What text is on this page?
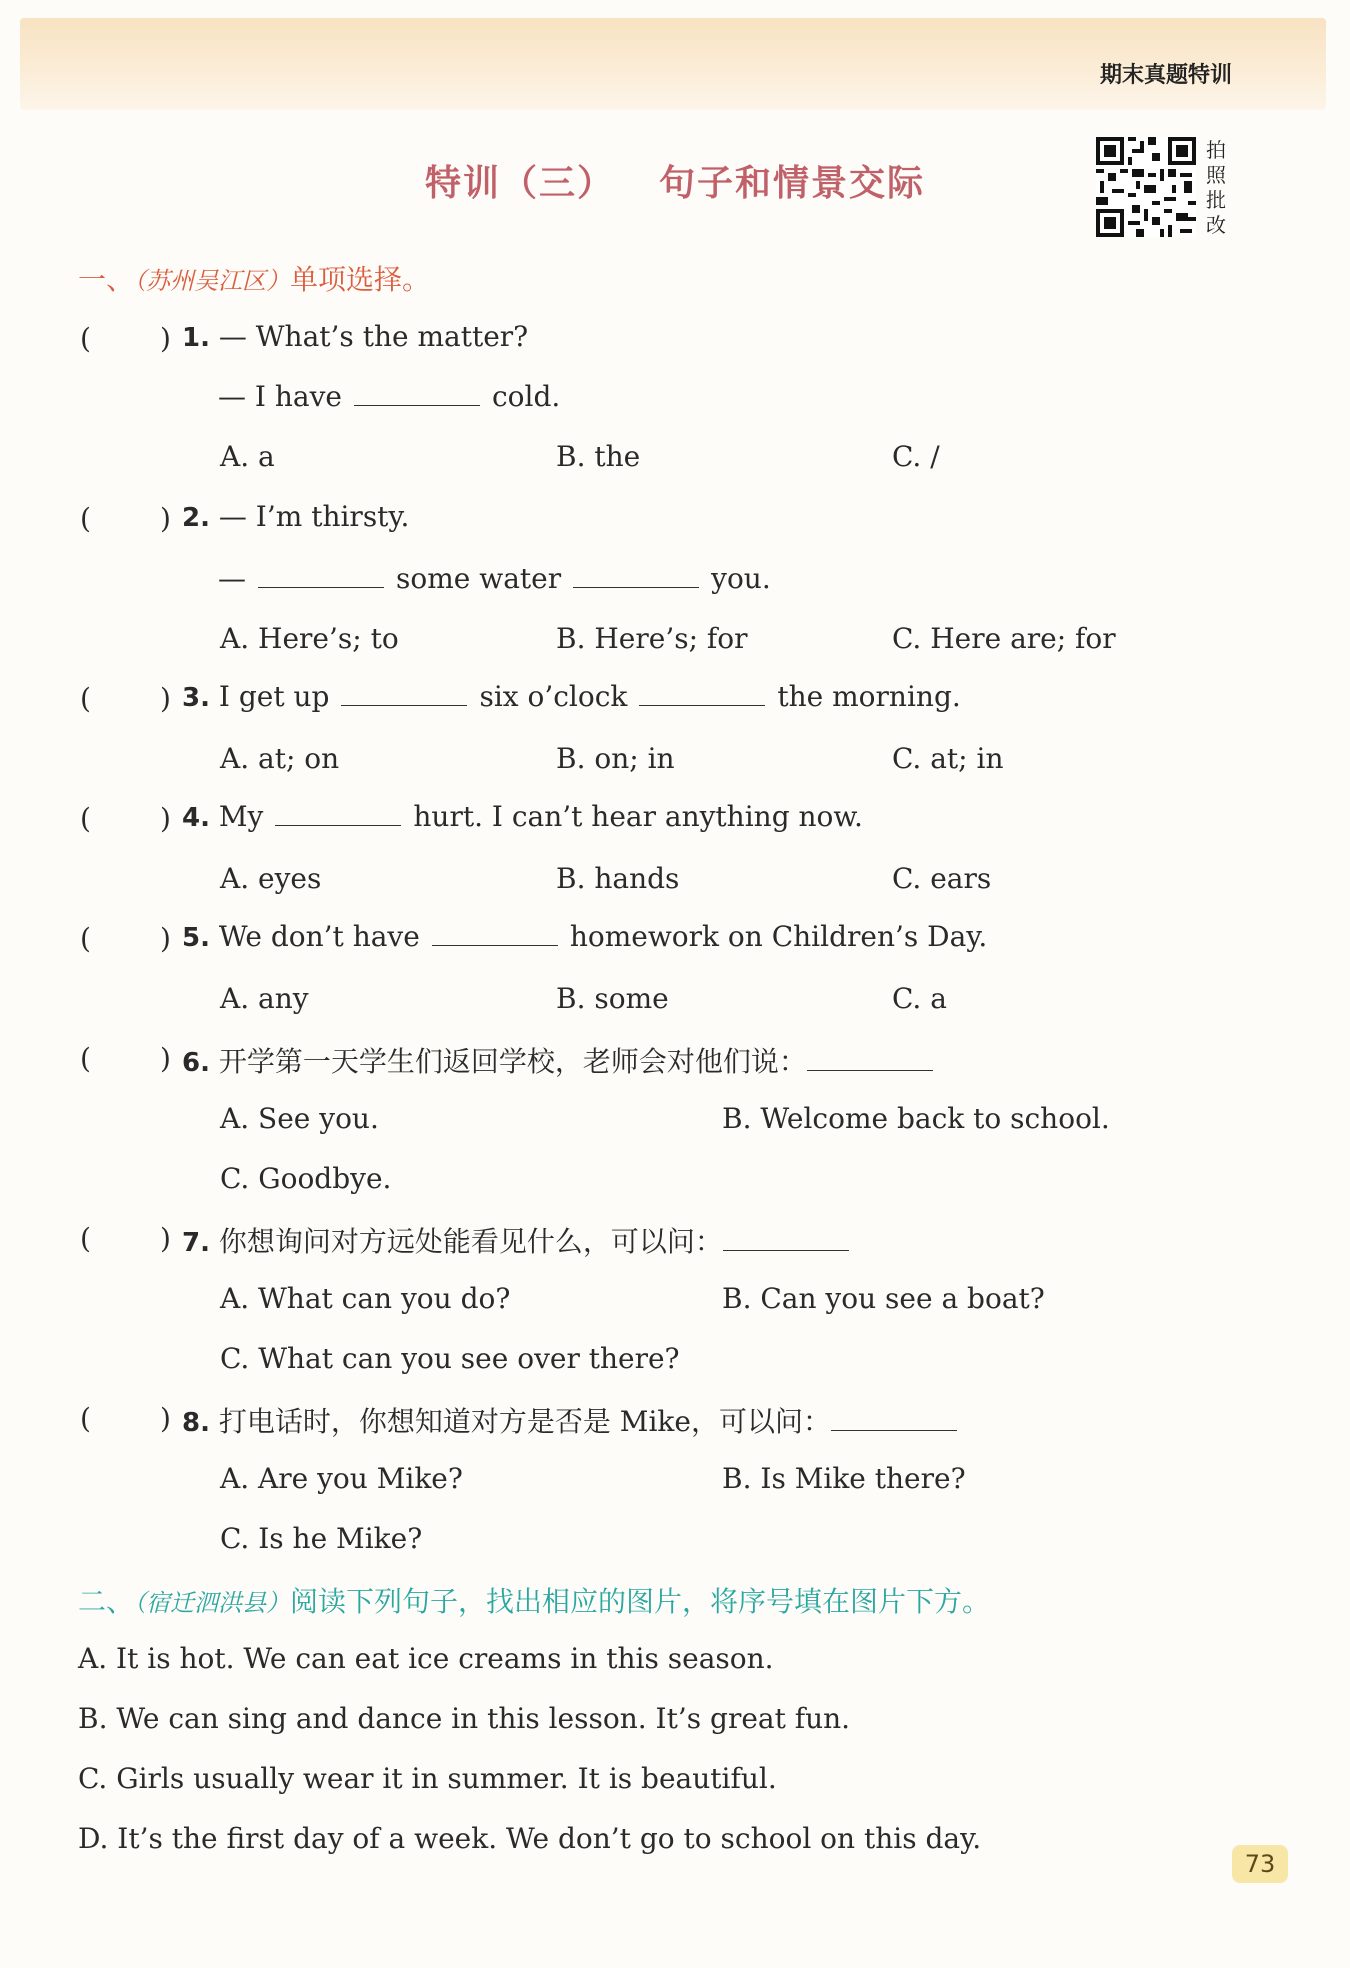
期末真题特训
特训（三） 句子和情景交际
拍照批改
一、（苏州吴江区）单项选择。
( ) 1. — What’s the matter?
— I have	cold.
A. a	B. the	C. /
( ) 2. — I’m thirsty.
—	some water	you.
A. Here’s; to	B. Here’s; for	C. Here are; for
( ) 3. I get up	six o’clock	the morning.
A. at; on	B. on; in	C. at; in
( ) 4. My	hurt. I can’t hear anything now.
A. eyes	B. hands	C. ears
( ) 5. We don’t have	homework on Children’s Day.
A. any	B. some	C. a
( ) 6. 开学第一天学生们返回学校，老师会对他们说：
A. See you.	B. Welcome back to school.
C. Goodbye.
( ) 7. 你想询问对方远处能看见什么，可以问：
A. What can you do?	B. Can you see a boat?
C. What can you see over there?
( ) 8. 打电话时，你想知道对方是否是 Mike，可以问：
A. Are you Mike?	B. Is Mike there?
C. Is he Mike?
二、（宿迁泗洪县）阅读下列句子，找出相应的图片，将序号填在图片下方。
A. It is hot. We can eat ice creams in this season.
B. We can sing and dance in this lesson. It’s great fun.
C. Girls usually wear it in summer. It is beautiful.
D. It’s the first day of a week. We don’t go to school on this day.
73
